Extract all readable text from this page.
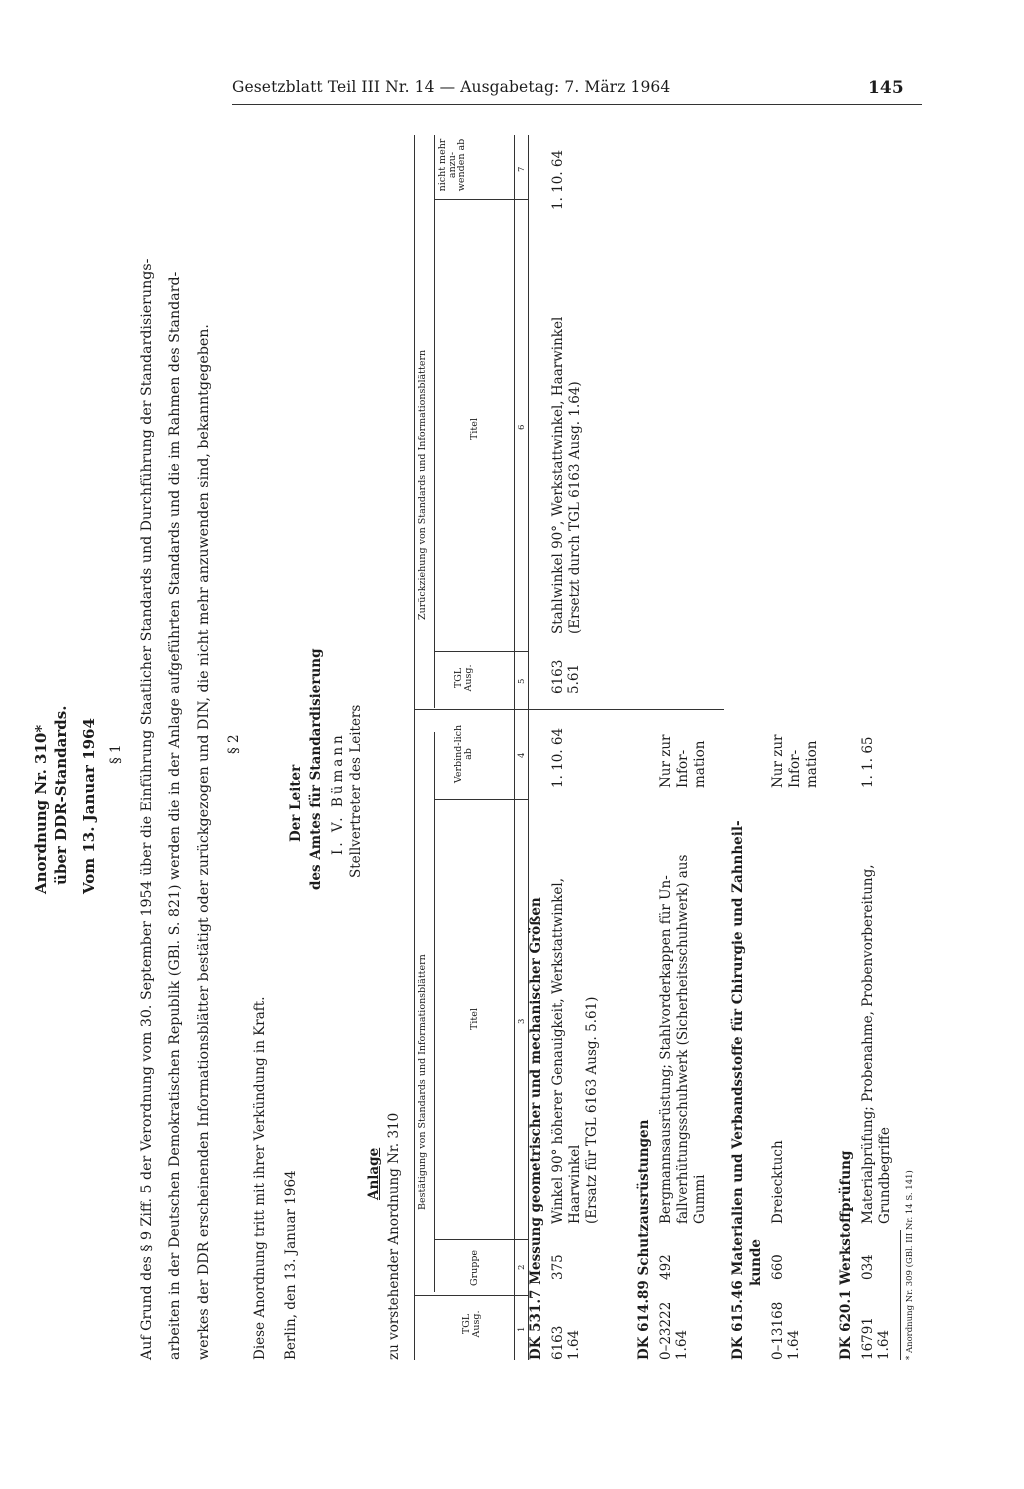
Gesetzblatt Teil III Nr. 14 — Ausgabetag: 7. März 1964	145
Anordnung Nr. 310* über DDR-Standards. Vom 13. Januar 1964 § 1 Auf Grund des § 9 Ziff. 5 der Verordnung vom 30. September 1954 über die Einführung Staatlicher Standards und Durchführung der Standardisierungs- arbeiten in der Deutschen Demokratischen Republik (GBl. S. 821) werden die in der Anlage aufgeführten Standards und die im Rahmen des Standard- werkes der DDR erscheinenden Informationsblätter bestätigt oder zurückgezogen und DIN, die nicht mehr anzuwenden sind, bekanntgegeben. § 2
Diese Anordnung tritt mit ihrer Verkündung in Kraft. Berlin, den 13. Januar 1964
Der Leiter des Amtes für Standardisierung I. V. Bümann Stellvertreter des Leiters
Anlage zu vorstehender Anordnung Nr. 310
Bestätigung von Standards und Informationsblättern
Zurückziehung von Standards und Informationsblättern
TGL Ausg.
Gruppe
Titel
Verbind-lich ab
TGL Ausg.
Titel
nicht mehr anzu-wenden ab
1
2
3
4
5
6
7
DK 531.7 Messung geometrischer und mechanischer Größen 6163 1.64
375
Winkel 90° höherer Genauigkeit, Werkstattwinkel, Haarwinkel (Ersatz für TGL 6163 Ausg. 5.61)
1. 10. 64
6163 5.61
Stahlwinkel 90°, Werkstattwinkel, Haarwinkel (Ersetzt durch TGL 6163 Ausg. 1.64)
1. 10. 64
DK 614.89 Schutzausrüstungen 0–23222 1.64
492
Bergmannsausrüstung; Stahlvorderkappen für Un- fallverhütungsschuhwerk (Sicherheitsschuhwerk) aus Gummi
Nur zur Infor- mation
DK 615.46 Materialien und Verbandsstoffe für Chirurgie und Zahnheil- kunde
0–13168 1.64
660
Dreiecktuch
Nur zur Infor- mation
DK 620.1 Werkstoffprüfung 16791 1.64
034
Materialprüfung; Probenahme, Probenvorbereitung, Grundbegriffe
1. 1. 65
* Anordnung Nr. 309 (GBl. III Nr. 14 S. 141)
